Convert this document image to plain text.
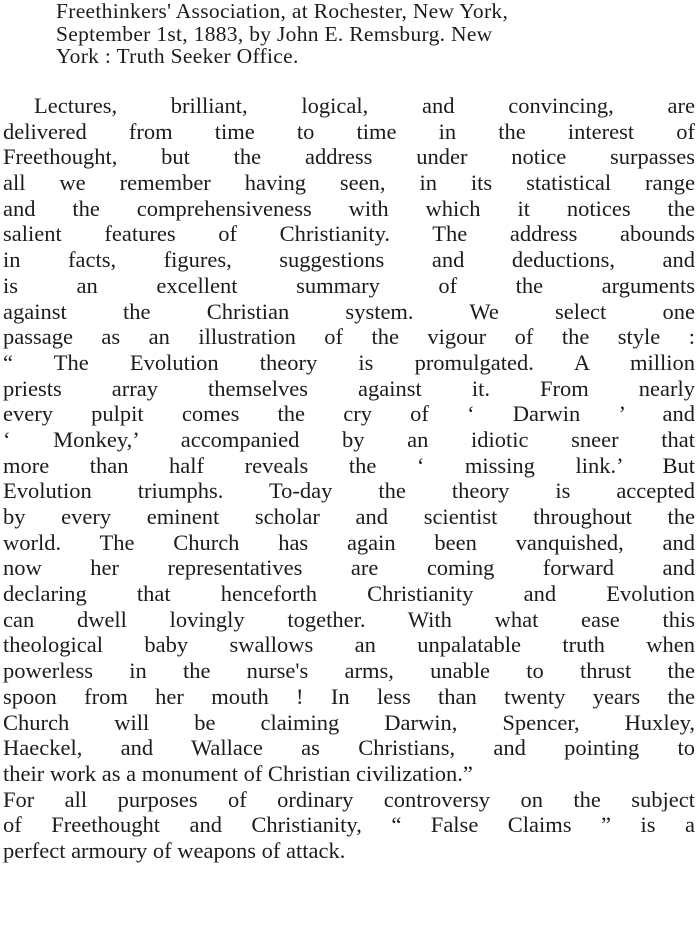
Freethinkers' Association, at Rochester, New York,
September 1st, 1883, by John E. Remsburg. New
York : Truth Seeker Office.
Lectures, brilliant, logical, and convincing, are
delivered from time to time in the interest of
Freethought, but the address under notice surpasses
all we remember having seen, in its statistical range
and the comprehensiveness with which it notices the
salient features of Christianity. The address abounds
in facts, figures, suggestions and deductions, and
is an excellent summary of the arguments
against the Christian system. We select one
passage as an illustration of the vigour of the style :
“ The Evolution theory is promulgated. A million
priests array themselves against it. From nearly
every pulpit comes the cry of ‘ Darwin ’ and
‘ Monkey,’ accompanied by an idiotic sneer that
more than half reveals the ‘ missing link.’ But
Evolution triumphs. To-day the theory is accepted
by every eminent scholar and scientist throughout the
world. The Church has again been vanquished, and
now her representatives are coming forward and
declaring that henceforth Christianity and Evolution
can dwell lovingly together. With what ease this
theological baby swallows an unpalatable truth when
powerless in the nurse's arms, unable to thrust the
spoon from her mouth ! In less than twenty years the
Church will be claiming Darwin, Spencer, Huxley,
Haeckel, and Wallace as Christians, and pointing to
their work as a monument of Christian civilization.”
For all purposes of ordinary controversy on the subject
of Freethought and Christianity, “ False Claims ” is a
perfect armoury of weapons of attack.
